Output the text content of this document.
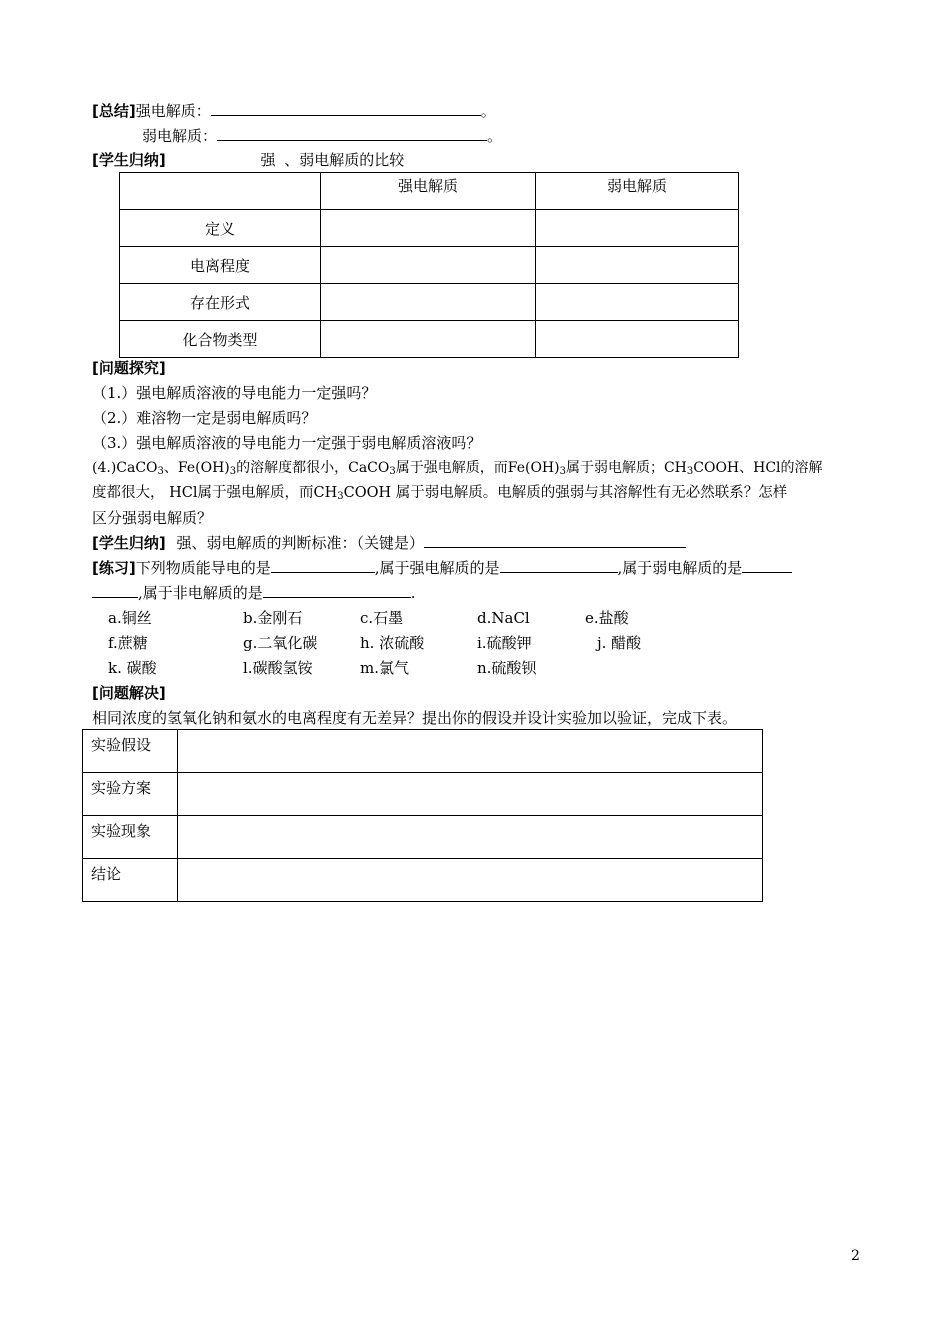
[总结]强电解质：	。
弱电解质：	。
[学生归纳]	强 、弱电解质的比较
	强电解质	弱电解质
定义		
电离程度		
存在形式		
化合物类型		
[问题探究]
（1.）强电解质溶液的导电能力一定强吗？
（2.）难溶物一定是弱电解质吗？
（3.）强电解质溶液的导电能力一定强于弱电解质溶液吗？
(4.)CaCO$_3$、$Fe(OH)_3$的溶解度都很小，CaCO$_3$属于强电解质，而$Fe(OH)_3$属于弱电解质；$CH_3COOH$、HCl的溶解
度都很大， HCl属于强电解质，而$CH_3COOH$ 属于弱电解质。电解质的强弱与其溶解性有无必然联系？怎样
区分强弱电解质？
[学生归纳] 强、弱电解质的判断标准：（关键是）
[练习]下列物质能导电的是	,属于强电解质的是	,属于弱电解质的是
,属于非电解质的是	.
a.铜丝	b.金刚石	c.石墨	d.NaCl	e.盐酸
f.蔗糖	g.二氧化碳	h. 浓硫酸	i.硫酸钾	j. 醋酸
k. 碳酸	l.碳酸氢铵	m.氯气	n.硫酸钡
[问题解决]
相同浓度的氢氧化钠和氨水的电离程度有无差异？提出你的假设并设计实验加以验证，完成下表。
实验假设	
实验方案	
实验现象	
结论	
2
